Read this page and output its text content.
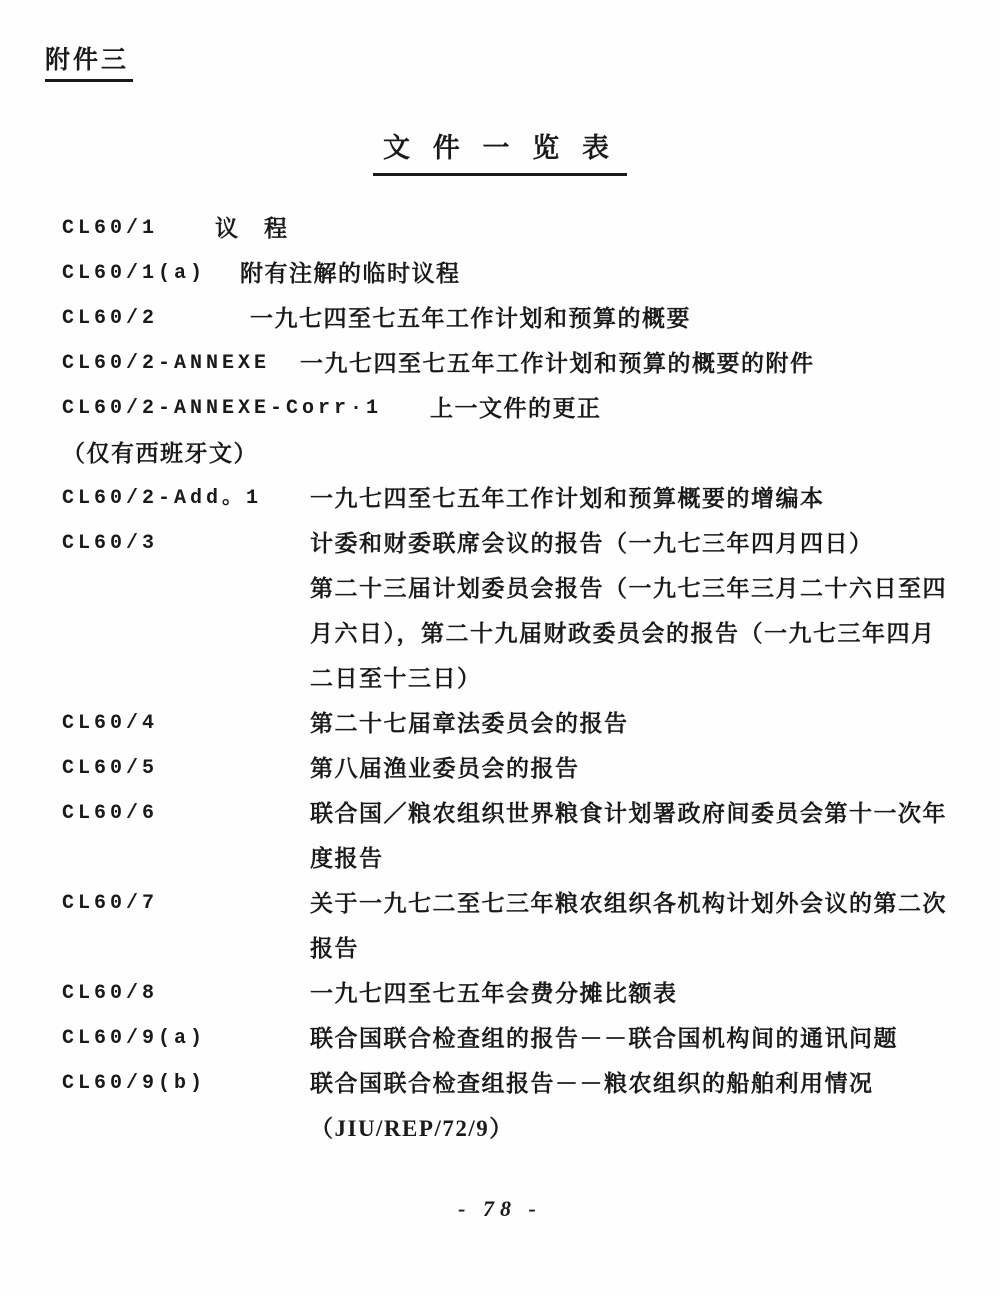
附件三
文 件 一 览 表
CL60/1	议　程
CL60/1(a)	附有注解的临时议程
CL60/2	一九七四至七五年工作计划和预算的概要
CL60/2-ANNEXE	一九七四至七五年工作计划和预算的概要的附件
CL60/2-ANNEXE-Corr·1	上一文件的更正
（仅有西班牙文）
CL60/2-Add。1	一九七四至七五年工作计划和预算概要的增编本
CL60/3	计委和财委联席会议的报告（一九七三年四月四日）
第二十三届计划委员会报告（一九七三年三月二十六日至四
月六日），第二十九届财政委员会的报告（一九七三年四月
二日至十三日）
CL60/4	第二十七届章法委员会的报告
CL60/5	第八届渔业委员会的报告
CL60/6	联合国／粮农组织世界粮食计划署政府间委员会第十一次年
度报告
CL60/7	关于一九七二至七三年粮农组织各机构计划外会议的第二次
报告
CL60/8	一九七四至七五年会费分摊比额表
CL60/9(a)	联合国联合检查组的报告－－联合国机构间的通讯问题
CL60/9(b)	联合国联合检查组报告－－粮农组织的船舶利用情况
（JIU/REP/72/9）
- 78 -
